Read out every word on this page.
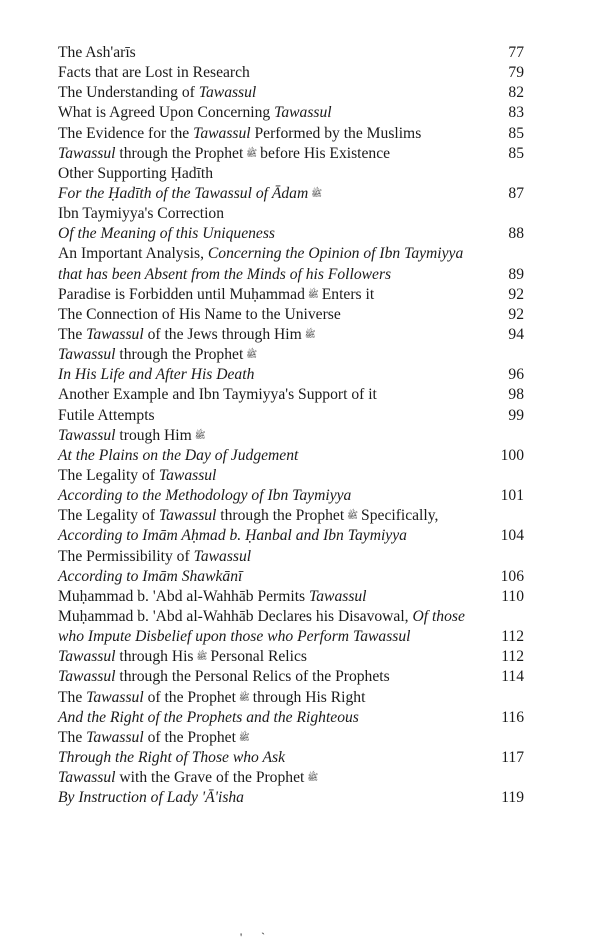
The Ash'arīs	77
Facts that are Lost in Research	79
The Understanding of Tawassul	82
What is Agreed Upon Concerning Tawassul	83
The Evidence for the Tawassul Performed by the Muslims	85
Tawassul through the Prophet ﷺ before His Existence	85
Other Supporting Ḥadīth
For the Ḥadīth of the Tawassul of Ādam ﷺ	87
Ibn Taymiyya's Correction
Of the Meaning of this Uniqueness	88
An Important Analysis, Concerning the Opinion of Ibn Taymiyya
that has been Absent from the Minds of his Followers	89
Paradise is Forbidden until Muḥammad ﷺ Enters it	92
The Connection of His Name to the Universe	92
The Tawassul of the Jews through Him ﷺ	94
Tawassul through the Prophet ﷺ
In His Life and After His Death	96
Another Example and Ibn Taymiyya's Support of it	98
Futile Attempts	99
Tawassul trough Him ﷺ
At the Plains on the Day of Judgement	100
The Legality of Tawassul
According to the Methodology of Ibn Taymiyya	101
The Legality of Tawassul through the Prophet ﷺ Specifically,
According to Imām Aḥmad b. Ḥanbal and Ibn Taymiyya	104
The Permissibility of Tawassul
According to Imām Shawkānī	106
Muḥammad b. 'Abd al-Wahhāb Permits Tawassul	110
Muḥammad b. 'Abd al-Wahhāb Declares his Disavowal, Of those
who Impute Disbelief upon those who Perform Tawassul	112
Tawassul through His ﷺ Personal Relics	112
Tawassul through the Personal Relics of the Prophets	114
The Tawassul of the Prophet ﷺ through His Right
And the Right of the Prophets and the Righteous	116
The Tawassul of the Prophet ﷺ
Through the Right of Those who Ask	117
Tawassul with the Grave of the Prophet ﷺ
By Instruction of Lady 'Ā'isha	119
' `
